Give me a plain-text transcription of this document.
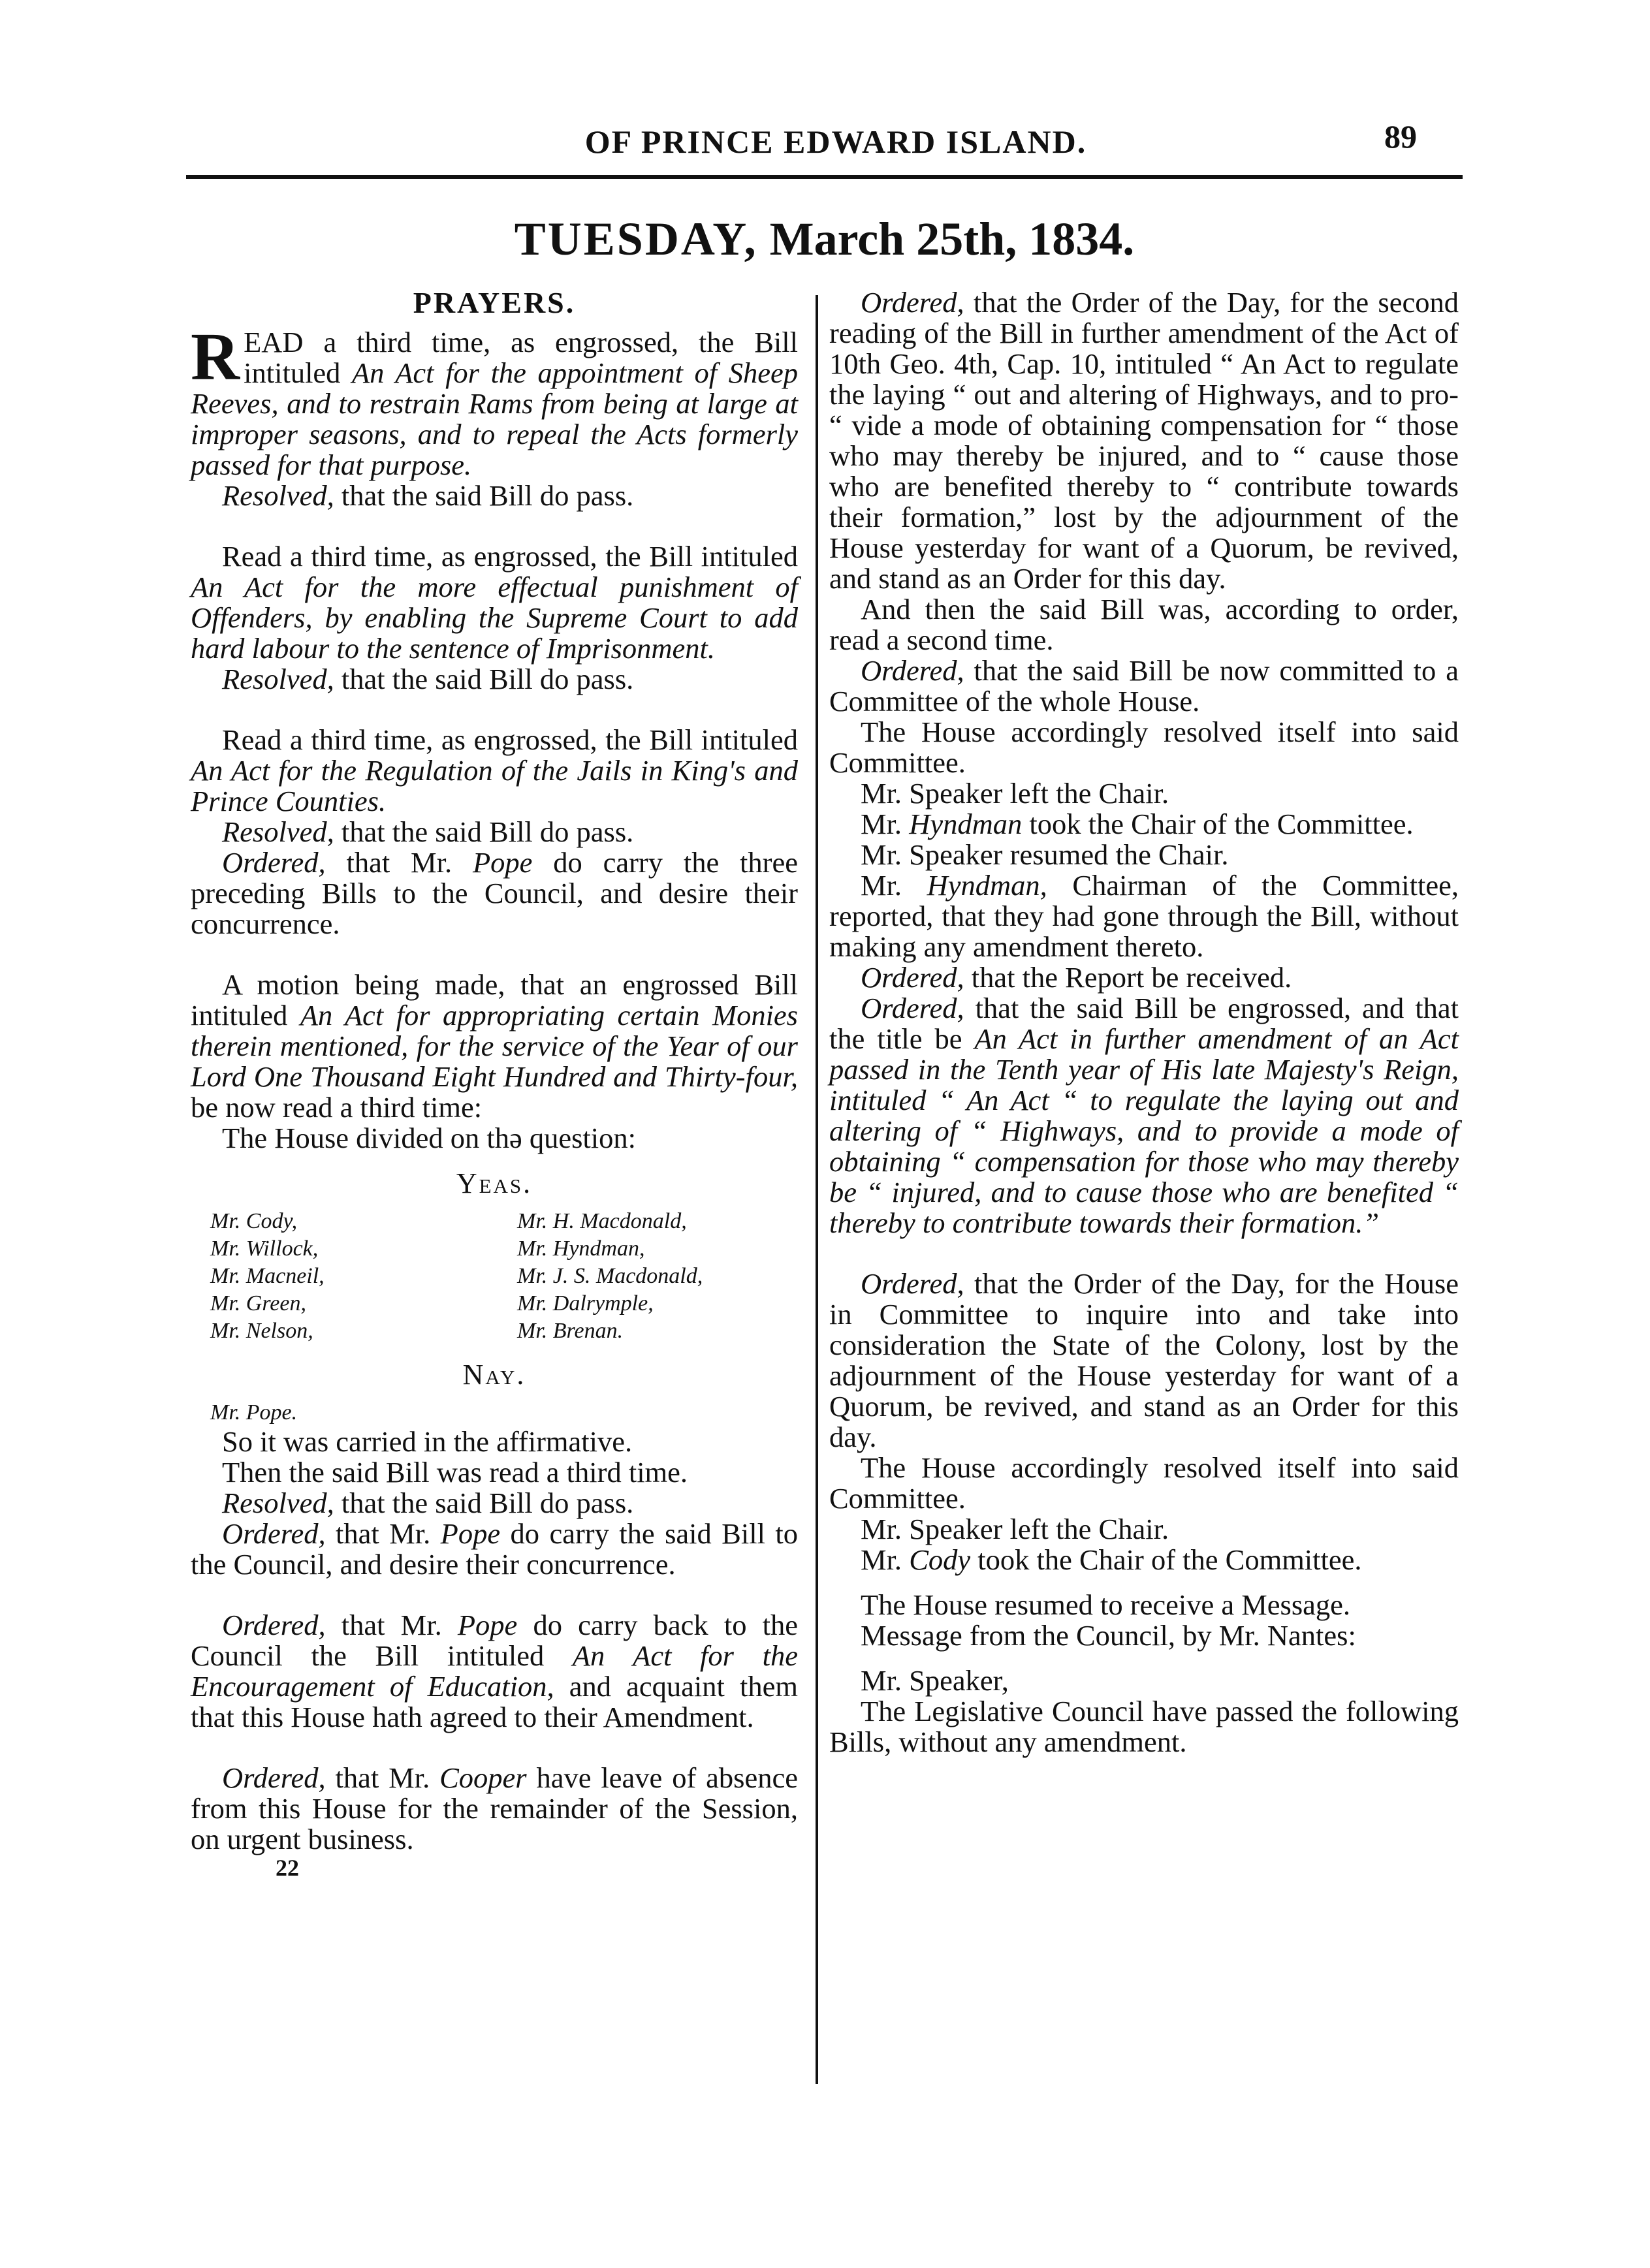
OF PRINCE EDWARD ISLAND.	89
TUESDAY, March 25th, 1834.
PRAYERS.

READ a third time, as engrossed, the Bill intituled An Act for the appointment of Sheep Reeves, and to restrain Rams from being at large at improper seasons, and to repeal the Acts formerly passed for that purpose.

Resolved, that the said Bill do pass.

Read a third time, as engrossed, the Bill intituled An Act for the more effectual punishment of Offenders, by enabling the Supreme Court to add hard labour to the sentence of Imprisonment.

Resolved, that the said Bill do pass.

Read a third time, as engrossed, the Bill intituled An Act for the Regulation of the Jails in King's and Prince Counties.

Resolved, that the said Bill do pass.

Ordered, that Mr. Pope do carry the three preceding Bills to the Council, and desire their concurrence.

A motion being made, that an engrossed Bill intituled An Act for appropriating certain Monies therein mentioned, for the service of the Year of our Lord One Thousand Eight Hundred and Thirty-four, be now read a third time:

The House divided on thə question:

Yeas.
Mr. Cody,	Mr. H. Macdonald,
Mr. Willock,	Mr. Hyndman,
Mr. Macneil,	Mr. J. S. Macdonald,
Mr. Green,	Mr. Dalrymple,
Mr. Nelson,	Mr. Brenan.
Nay.
Mr. Pope.

So it was carried in the affirmative.

Then the said Bill was read a third time.

Resolved, that the said Bill do pass.

Ordered, that Mr. Pope do carry the said Bill to the Council, and desire their concurrence.

Ordered, that Mr. Pope do carry back to the Council the Bill intituled An Act for the Encouragement of Education, and acquaint them that this House hath agreed to their Amendment.

Ordered, that Mr. Cooper have leave of absence from this House for the remainder of the Session, on urgent business.

22

Ordered, that the Order of the Day, for the second reading of the Bill in further amendment of the Act of 10th Geo. 4th, Cap. 10, intituled “ An Act to regulate the laying “ out and altering of Highways, and to pro- “ vide a mode of obtaining compensation for “ those who may thereby be injured, and to “ cause those who are benefited thereby to “ contribute towards their formation,” lost by the adjournment of the House yesterday for want of a Quorum, be revived, and stand as an Order for this day.

And then the said Bill was, according to order, read a second time.

Ordered, that the said Bill be now committed to a Committee of the whole House.

The House accordingly resolved itself into said Committee.

Mr. Speaker left the Chair.

Mr. Hyndman took the Chair of the Committee.

Mr. Speaker resumed the Chair.

Mr. Hyndman, Chairman of the Committee, reported, that they had gone through the Bill, without making any amendment thereto.

Ordered, that the Report be received.

Ordered, that the said Bill be engrossed, and that the title be An Act in further amendment of an Act passed in the Tenth year of His late Majesty's Reign, intituled “ An Act “ to regulate the laying out and altering of “ Highways, and to provide a mode of obtaining “ compensation for those who may thereby be “ injured, and to cause those who are benefited “ thereby to contribute towards their formation.”

Ordered, that the Order of the Day, for the House in Committee to inquire into and take into consideration the State of the Colony, lost by the adjournment of the House yesterday for want of a Quorum, be revived, and stand as an Order for this day.

The House accordingly resolved itself into said Committee.

Mr. Speaker left the Chair.

Mr. Cody took the Chair of the Committee.

The House resumed to receive a Message.

Message from the Council, by Mr. Nantes:

Mr. Speaker,

The Legislative Council have passed the following Bills, without any amendment.
